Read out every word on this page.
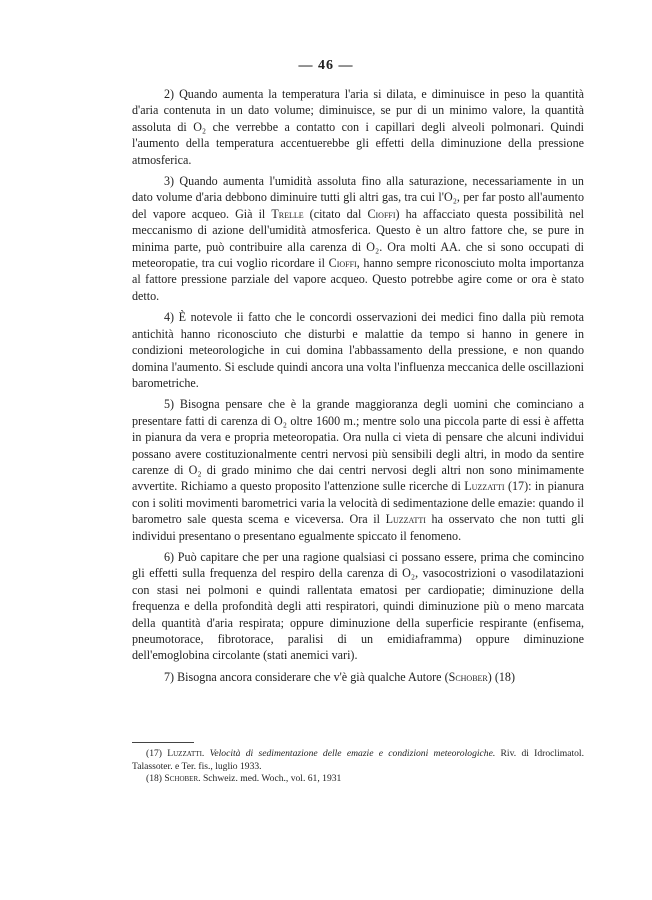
— 46 —

2) Quando aumenta la temperatura l'aria si dilata, e diminuisce in peso la quantità d'aria contenuta in un dato volume; diminuisce, se pur di un minimo valore, la quantità assoluta di O₂ che verrebbe a contatto con i capillari degli alveoli polmonari. Quindi l'aumento della temperatura accentuerebbe gli effetti della diminuzione della pressione atmosferica.

3) Quando aumenta l'umidità assoluta fino alla saturazione, necessariamente in un dato volume d'aria debbono diminuire tutti gli altri gas, tra cui l'O₂, per far posto all'aumento del vapore acqueo. Già il Trelle (citato dal Cioffi) ha affacciato questa possibilità nel meccanismo di azione dell'umidità atmosferica. Questo è un altro fattore che, se pure in minima parte, può contribuire alla carenza di O₂. Ora molti AA. che si sono occupati di meteoropatie, tra cui voglio ricordare il Cioffi, hanno sempre riconosciuto molta importanza al fattore pressione parziale del vapore acqueo. Questo potrebbe agire come or ora è stato detto.

4) È notevole ii fatto che le concordi osservazioni dei medici fino dalla più remota antichità hanno riconosciuto che disturbi e malattie da tempo si hanno in genere in condizioni meteorologiche in cui domina l'abbassamento della pressione, e non quando domina l'aumento. Si esclude quindi ancora una volta l'influenza meccanica delle oscillazioni barometriche.

5) Bisogna pensare che è la grande maggioranza degli uomini che cominciano a presentare fatti di carenza di O₂ oltre 1600 m.; mentre solo una piccola parte di essi è affetta in pianura da vera e propria meteoropatia. Ora nulla ci vieta di pensare che alcuni individui possano avere costituzionalmente centri nervosi più sensibili degli altri, in modo da sentire carenze di O₂ di grado minimo che dai centri nervosi degli altri non sono minimamente avvertite. Richiamo a questo proposito l'attenzione sulle ricerche di Luzzatti (17): in pianura con i soliti movimenti barometrici varia la velocità di sedimentazione delle emazie: quando il barometro sale questa scema e viceversa. Ora il Luzzatti ha osservato che non tutti gli individui presentano o presentano egualmente spiccato il fenomeno.

6) Può capitare che per una ragione qualsiasi ci possano essere, prima che comincino gli effetti sulla frequenza del respiro della carenza di O₂, vasocostrizioni o vasodilatazioni con stasi nei polmoni e quindi rallentata ematosi per cardiopatie; diminuzione della frequenza e della profondità degli atti respiratori, quindi diminuzione più o meno marcata della quantità d'aria respirata; oppure diminuzione della superficie respirante (enfisema, pneumotorace, fibrotorace, paralisi di un emidiaframma) oppure diminuzione dell'emoglobina circolante (stati anemici vari).

7) Bisogna ancora considerare che v'è già qualche Autore (Schober) (18)

(17) Luzzatti. Velocità di sedimentazione delle emazie e condizioni meteorologiche. Riv. di Idroclimatol. Talassoter. e Ter. fis., luglio 1933.

(18) Schober. Schweiz. med. Woch., vol. 61, 1931
